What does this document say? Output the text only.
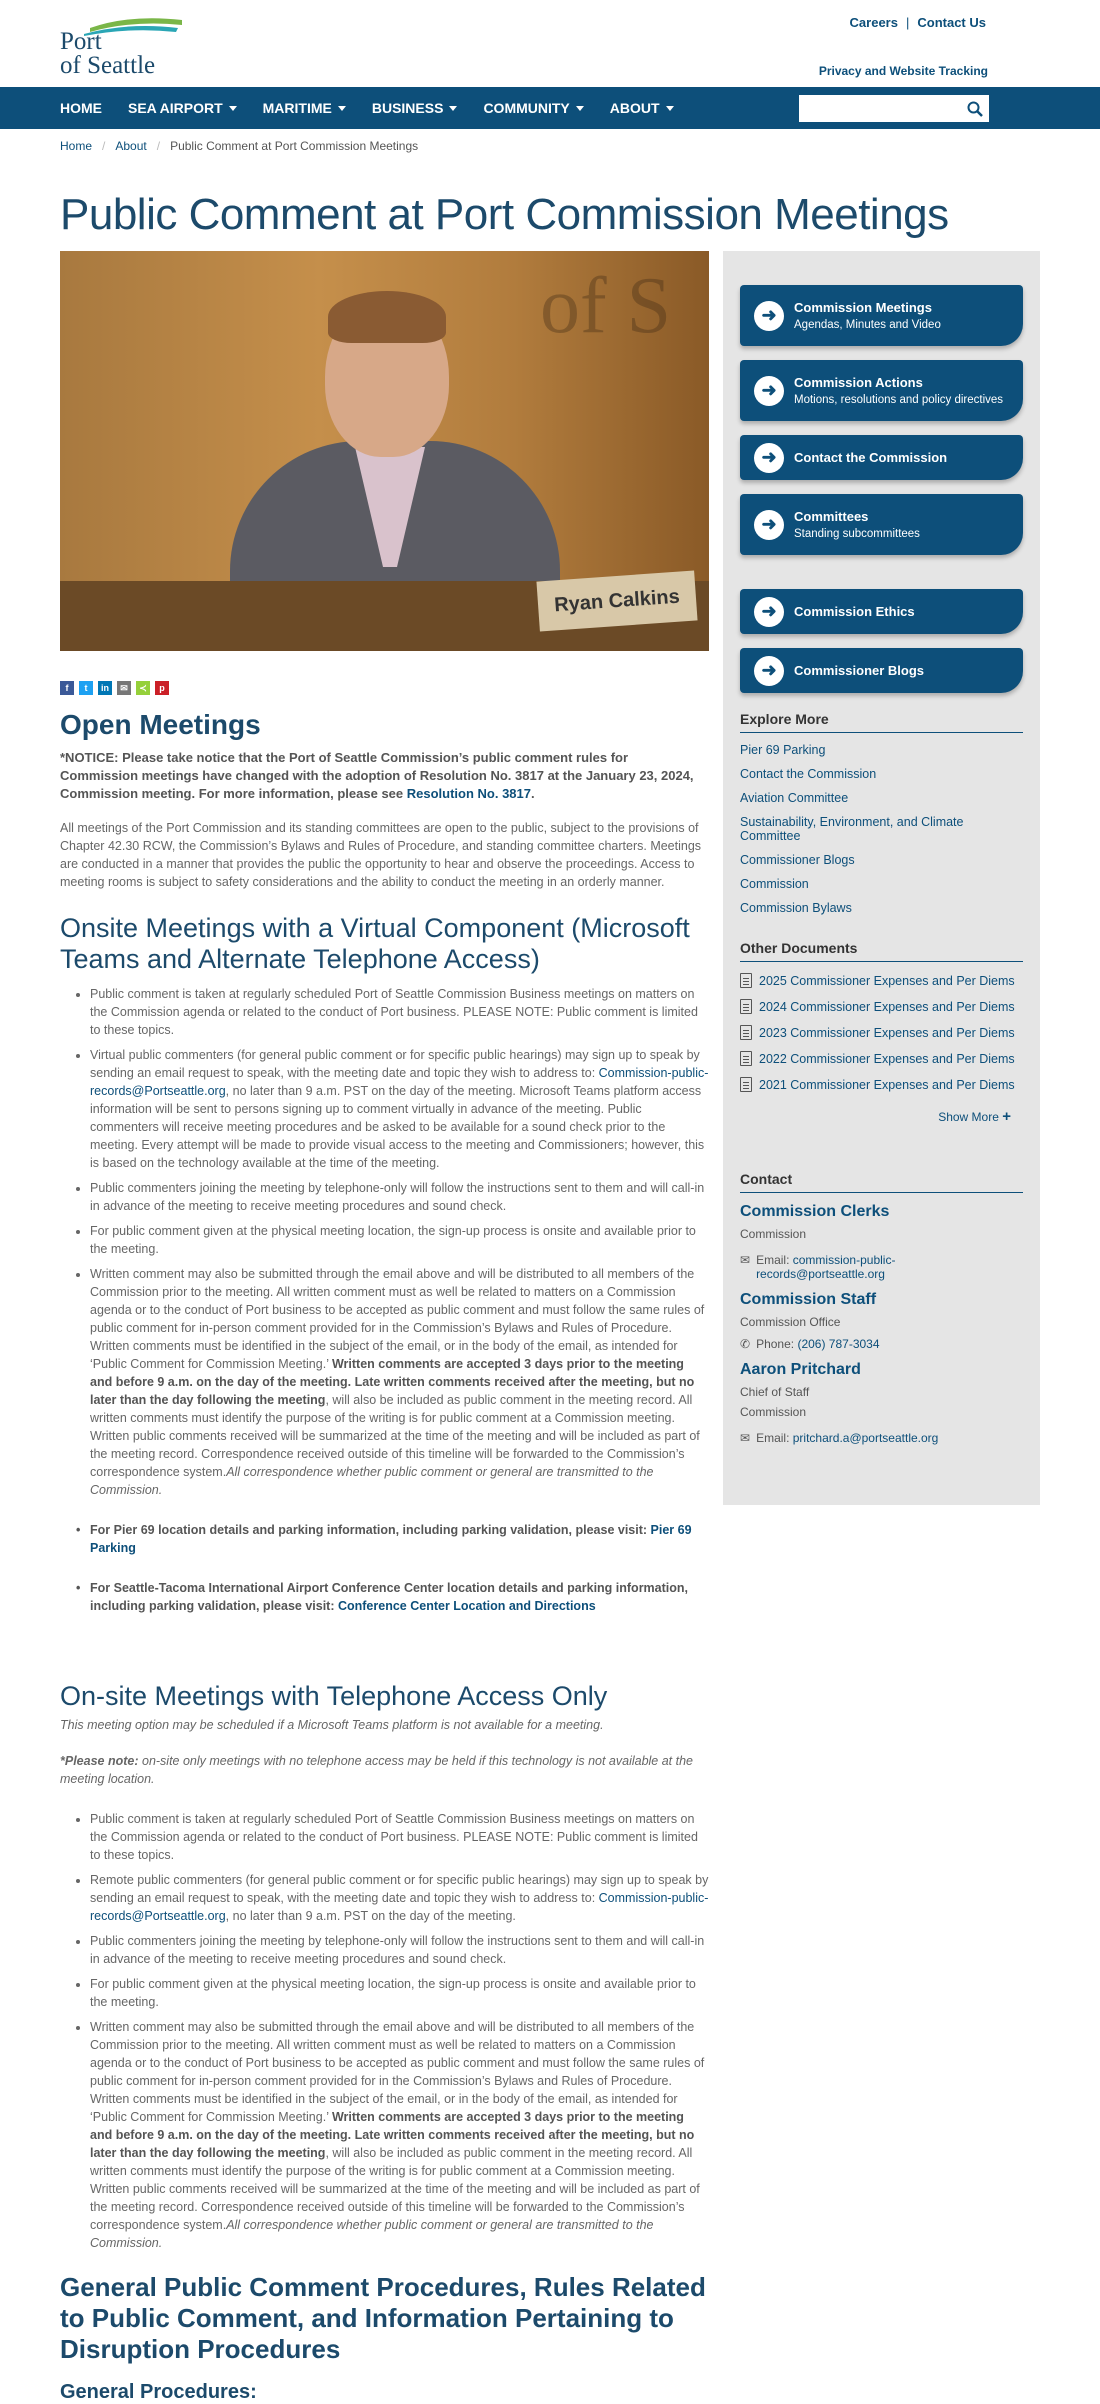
Port
of Seattle
Careers | Contact Us
Privacy and Website Tracking
HOME SEA AIRPORT	MARITIME	BUSINESS	COMMUNITY	ABOUT
Home / About / Public Comment at Port Commission Meetings
Public Comment at Port Commission Meetings
of S
Ryan Calkins
f	t	in	✉	≺	p
Open Meetings

*NOTICE: Please take notice that the Port of Seattle Commission’s public comment rules for Commission meetings have changed with the adoption of Resolution No. 3817 at the January 23, 2024, Commission meeting. For more information, please see Resolution No. 3817.

All meetings of the Port Commission and its standing committees are open to the public, subject to the provisions of Chapter 42.30 RCW, the Commission’s Bylaws and Rules of Procedure, and standing committee charters. Meetings are conducted in a manner that provides the public the opportunity to hear and observe the proceedings. Access to meeting rooms is subject to safety considerations and the ability to conduct the meeting in an orderly manner.

Onsite Meetings with a Virtual Component (Microsoft Teams and Alternate Telephone Access)
• Public comment is taken at regularly scheduled Port of Seattle Commission Business meetings on matters on the Commission agenda or related to the conduct of Port business. PLEASE NOTE: Public comment is limited to these topics.
• Virtual public commenters (for general public comment or for specific public hearings) may sign up to speak by sending an email request to speak, with the meeting date and topic they wish to address to: Commission-public-records@Portseattle.org, no later than 9 a.m. PST on the day of the meeting. Microsoft Teams platform access information will be sent to persons signing up to comment virtually in advance of the meeting. Public commenters will receive meeting procedures and be asked to be available for a sound check prior to the meeting. Every attempt will be made to provide visual access to the meeting and Commissioners; however, this is based on the technology available at the time of the meeting.
• Public commenters joining the meeting by telephone-only will follow the instructions sent to them and will call-in in advance of the meeting to receive meeting procedures and sound check.
• For public comment given at the physical meeting location, the sign-up process is onsite and available prior to the meeting.
• Written comment may also be submitted through the email above and will be distributed to all members of the Commission prior to the meeting. All written comment must as well be related to matters on a Commission agenda or to the conduct of Port business to be accepted as public comment and must follow the same rules of public comment for in-person comment provided for in the Commission’s Bylaws and Rules of Procedure. Written comments must be identified in the subject of the email, or in the body of the email, as intended for ‘Public Comment for Commission Meeting.’ Written comments are accepted 3 days prior to the meeting and before 9 a.m. on the day of the meeting. Late written comments received after the meeting, but no later than the day following the meeting, will also be included as public comment in the meeting record. All written comments must identify the purpose of the writing is for public comment at a Commission meeting. Written public comments received will be summarized at the time of the meeting and will be included as part of the meeting record. Correspondence received outside of this timeline will be forwarded to the Commission’s correspondence system.All correspondence whether public comment or general are transmitted to the Commission.

• For Pier 69 location details and parking information, including parking validation, please visit: Pier 69 Parking

• For Seattle-Tacoma International Airport Conference Center location details and parking information, including parking validation, please visit: Conference Center Location and Directions

On-site Meetings with Telephone Access Only

This meeting option may be scheduled if a Microsoft Teams platform is not available for a meeting.

*Please note: on-site only meetings with no telephone access may be held if this technology is not available at the meeting location.

• Public comment is taken at regularly scheduled Port of Seattle Commission Business meetings on matters on the Commission agenda or related to the conduct of Port business. PLEASE NOTE: Public comment is limited to these topics.
• Remote public commenters (for general public comment or for specific public hearings) may sign up to speak by sending an email request to speak, with the meeting date and topic they wish to address to: Commission-public-records@Portseattle.org, no later than 9 a.m. PST on the day of the meeting.
• Public commenters joining the meeting by telephone-only will follow the instructions sent to them and will call-in in advance of the meeting to receive meeting procedures and sound check.
• For public comment given at the physical meeting location, the sign-up process is onsite and available prior to the meeting.
• Written comment may also be submitted through the email above and will be distributed to all members of the Commission prior to the meeting. All written comment must as well be related to matters on a Commission agenda or to the conduct of Port business to be accepted as public comment and must follow the same rules of public comment for in-person comment provided for in the Commission’s Bylaws and Rules of Procedure. Written comments must be identified in the subject of the email, or in the body of the email, as intended for ‘Public Comment for Commission Meeting.’ Written comments are accepted 3 days prior to the meeting and before 9 a.m. on the day of the meeting. Late written comments received after the meeting, but no later than the day following the meeting, will also be included as public comment in the meeting record. All written comments must identify the purpose of the writing is for public comment at a Commission meeting. Written public comments received will be summarized at the time of the meeting and will be included as part of the meeting record. Correspondence received outside of this timeline will be forwarded to the Commission’s correspondence system.All correspondence whether public comment or general are transmitted to the Commission.
General Public Comment Procedures, Rules Related to Public Comment, and Information Pertaining to Disruption Procedures
General Procedures:
➜	Commission Meetings
Agendas, Minutes and Video
➜	Commission Actions
Motions, resolutions and policy directives
➜	Contact the Commission
➜	Committees
Standing subcommittees
➜	Commission Ethics
➜	Commissioner Blogs
Explore More
Pier 69 Parking
Contact the Commission
Aviation Committee
Sustainability, Environment, and Climate Committee
Commissioner Blogs
Commission
Commission Bylaws
Other Documents
2025 Commissioner Expenses and Per Diems
2024 Commissioner Expenses and Per Diems
2023 Commissioner Expenses and Per Diems
2022 Commissioner Expenses and Per Diems
2021 Commissioner Expenses and Per Diems
Show More +
Contact
Commission Clerks
Commission
✉ Email: commission-public-records@portseattle.org
Commission Staff
Commission Office
✆ Phone: (206) 787-3034
Aaron Pritchard
Chief of Staff
Commission
✉ Email: pritchard.a@portseattle.org
